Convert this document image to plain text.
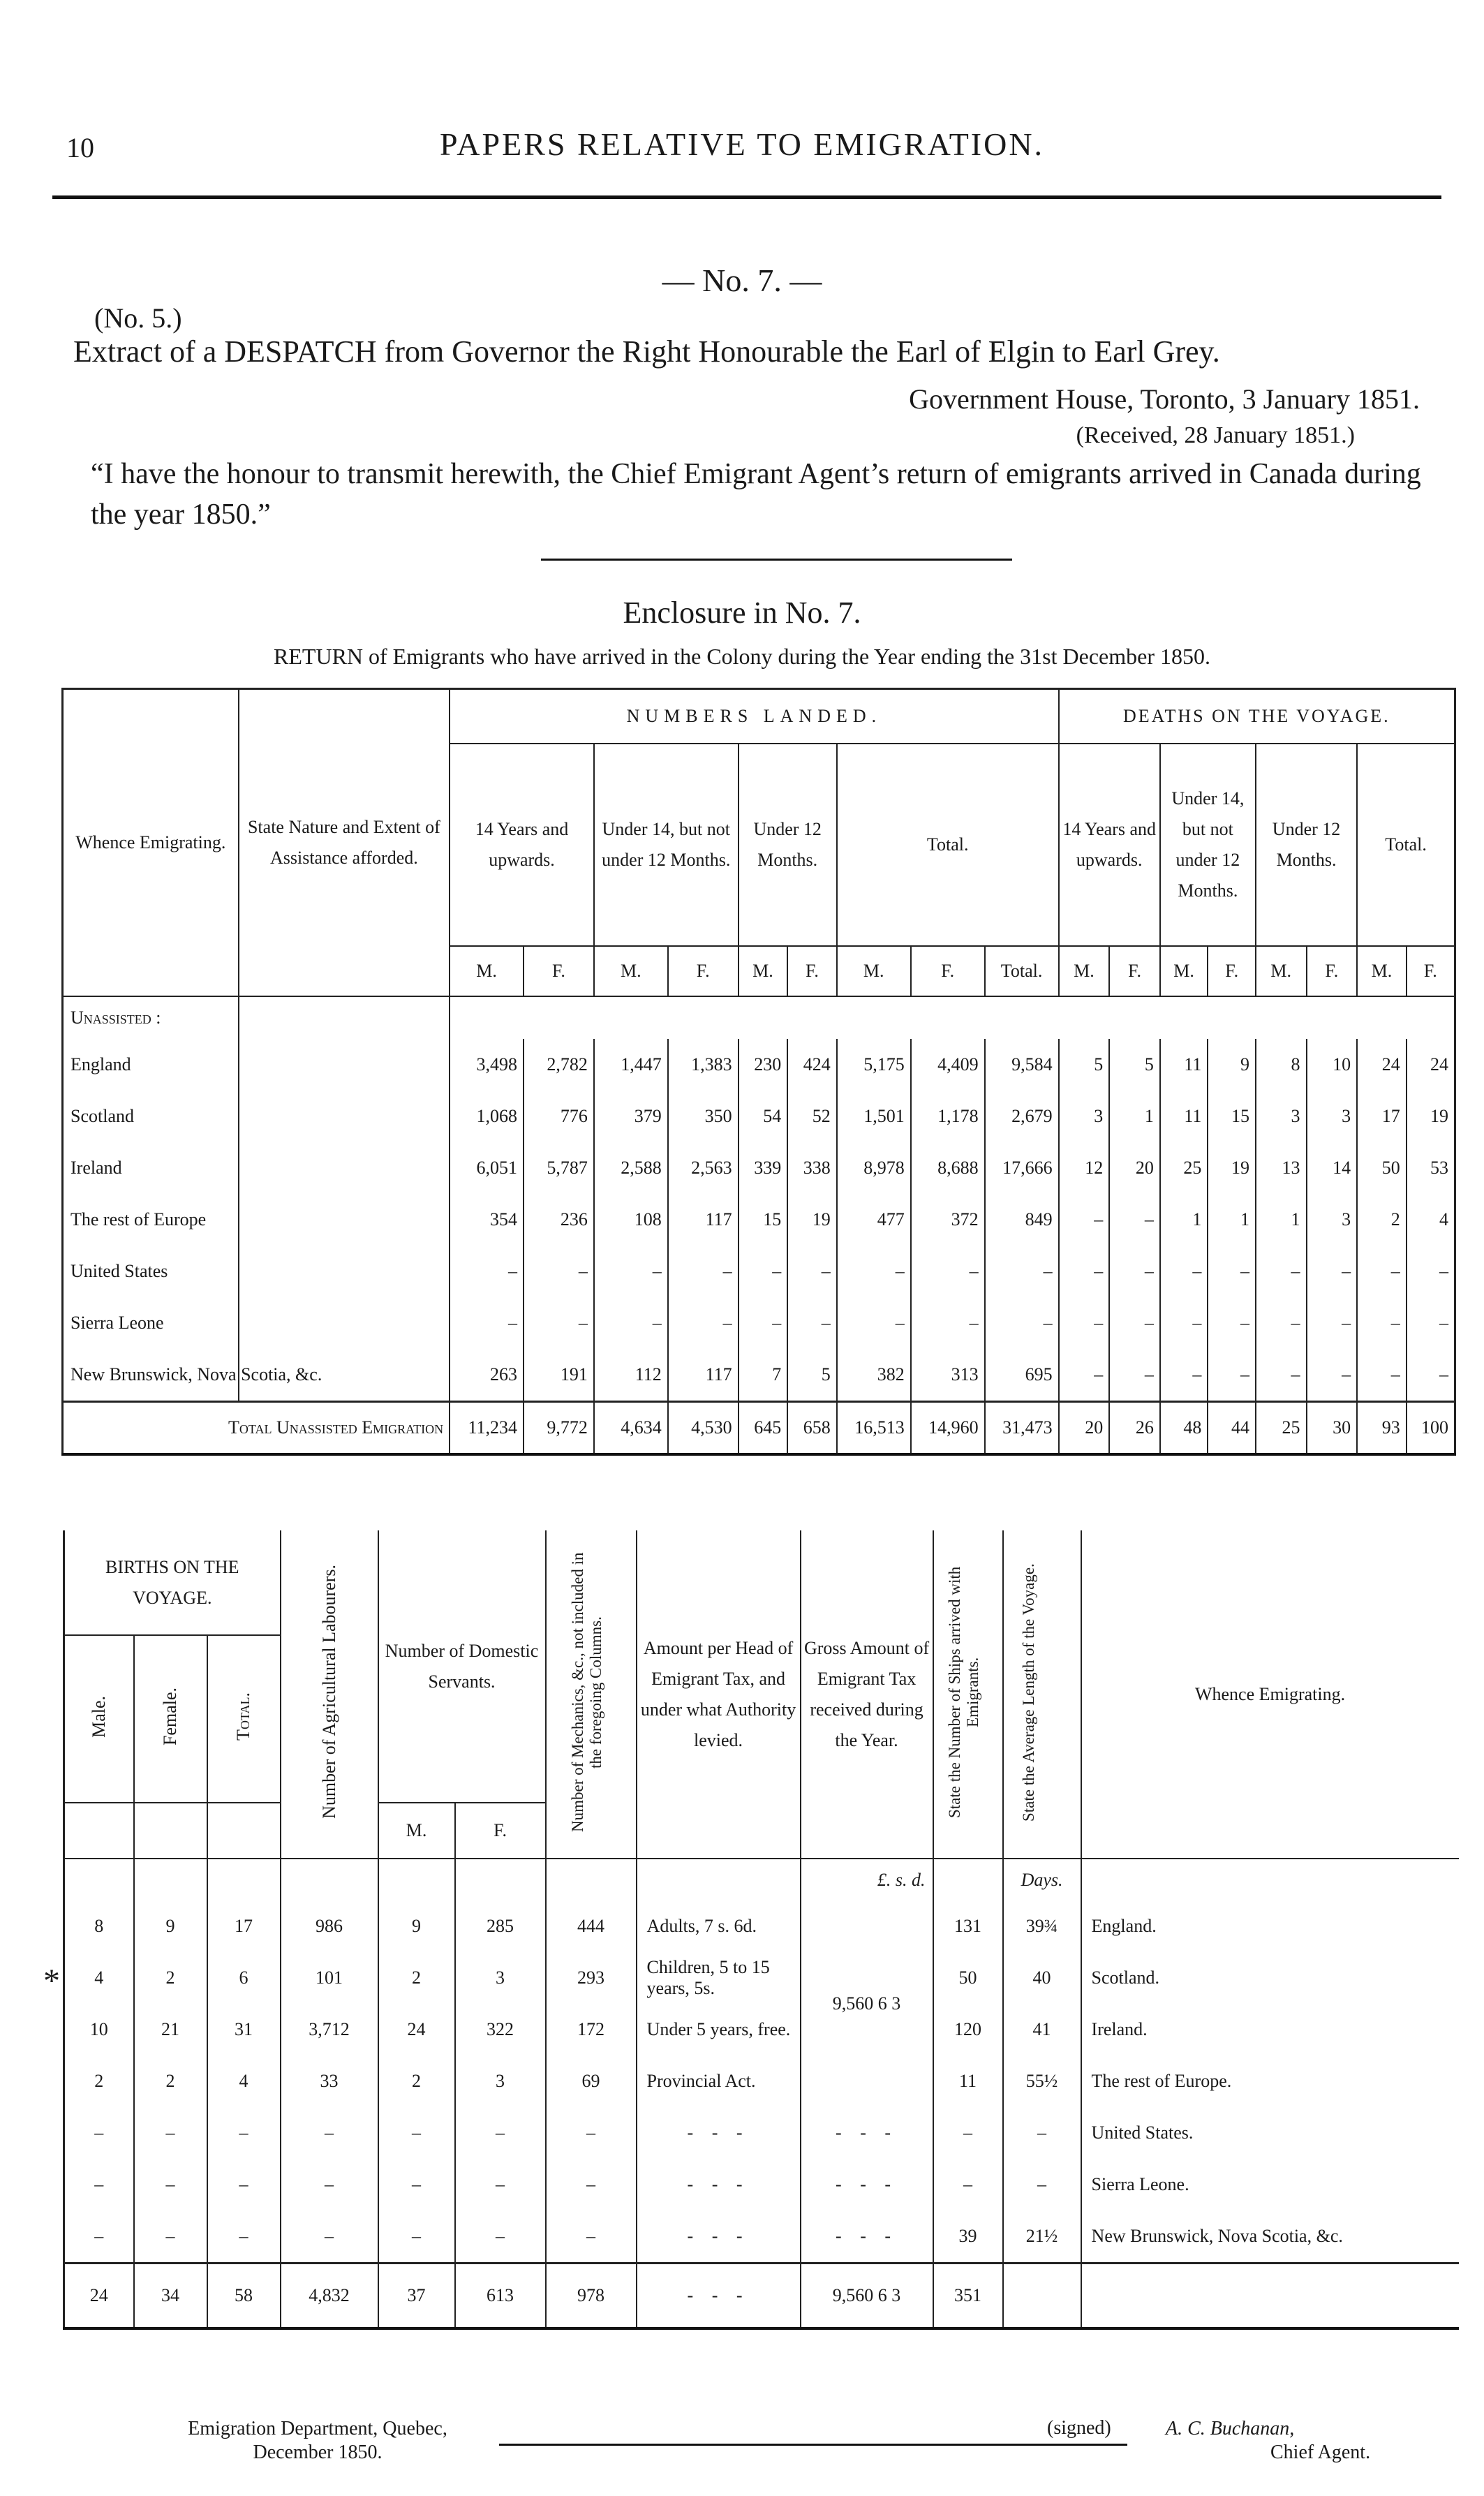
10	PAPERS RELATIVE TO EMIGRATION.
— No. 7. —
(No. 5.)
Extract of a DESPATCH from Governor the Right Honourable the Earl of Elgin to Earl Grey.
Government House, Toronto, 3 January 1851.
(Received, 28 January 1851.)
“I have the honour to transmit herewith, the Chief Emigrant Agent’s return of emigrants arrived in Canada during the year 1850.”
Enclosure in No. 7.
RETURN of Emigrants who have arrived in the Colony during the Year ending the 31st December 1850.
Whence Emigrating.	State Nature and Extent of Assistance afforded.	NUMBERS LANDED.									DEATHS ON THE VOYAGE.							
		14 Years and upwards.		Under 14, but not under 12 Months.		Under 12 Months.		Total.			14 Years and upwards.		Under 14, but not under 12 Months.		Under 12 Months.		Total.	
		M.	F.	M.	F.	M.	F.	M.	F.	Total.	M.	F.	M.	F.	M.	F.	M.	F.
Unassisted :																		
England		3,498	2,782	1,447	1,383	230	424	5,175	4,409	9,584	5	5	11	9	8	10	24	24
Scotland		1,068	776	379	350	54	52	1,501	1,178	2,679	3	1	11	15	3	3	17	19
Ireland		6,051	5,787	2,588	2,563	339	338	8,978	8,688	17,666	12	20	25	19	13	14	50	53
The rest of Europe		354	236	108	117	15	19	477	372	849	–	–	1	1	1	3	2	4
United States		–	–	–	–	–	–	–	–	–	–	–	–	–	–	–	–	–
Sierra Leone		–	–	–	–	–	–	–	–	–	–	–	–	–	–	–	–	–
New Brunswick, Nova Scotia, &c.		263	191	112	117	7	5	382	313	695	–	–	–	–	–	–	–	–
Total Unassisted Emigration		11,234	9,772	4,634	4,530	645	658	16,513	14,960	31,473	20	26	48	44	25	30	93	100
BIRTHS ON THE VOYAGE.			Number of Agricultural Labourers.	Number of Domestic Servants.		Number of Mechanics, &c., not included in the foregoing Columns.	Amount per Head of Emigrant Tax, and under what Authority levied.	Gross Amount of Emigrant Tax received during the Year.	State the Number of Ships arrived with Emigrants.	State the Average Length of the Voyage.	Whence Emigrating.
Male.	Female.	Total.									
				M.	F.						
								£. s. d.		Days.	
8	9	17	986	9	285	444	Adults, 7 s. 6d.	9,560 6 3	131	39¾	England.
4	2	6	101	2	3	293	Children, 5 to 15 years, 5s.		50	40	Scotland.
10	21	31	3,712	24	322	172	Under 5 years, free.		120	41	Ireland.
2	2	4	33	2	3	69	Provincial Act.		11	55½	The rest of Europe.
–	–	–	–	–	–	–	- - -	- - -	–	–	United States.
–	–	–	–	–	–	–	- - -	- - -	–	–	Sierra Leone.
–	–	–	–	–	–	–	- - -	- - -	39	21½	New Brunswick, Nova Scotia, &c.
24	34	58	4,832	37	613	978	- - -	9,560 6 3	351		
*
Emigration Department, Quebec, December 1850.
(signed)	A. C. Buchanan,
Chief Agent.
